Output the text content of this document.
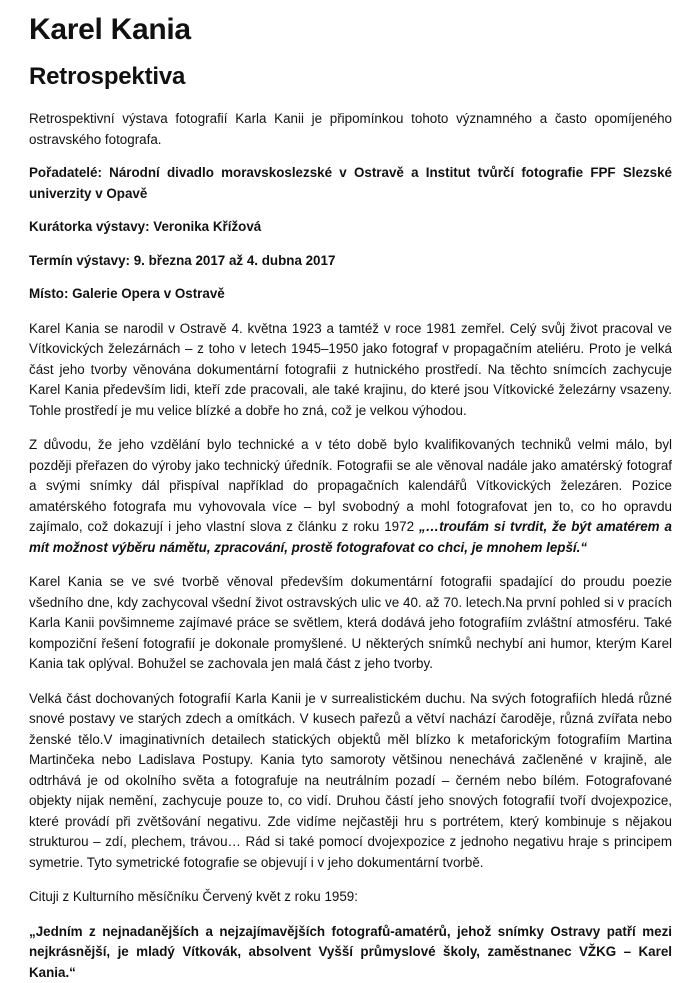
Karel Kania
Retrospektiva

Retrospektivní výstava fotografií Karla Kanii je připomínkou tohoto významného a často opomíjeného ostravského fotografa.

Pořadatelé: Národní divadlo moravskoslezské v Ostravě a Institut tvůrčí fotografie FPF Slezské univerzity v Opavě

Kurátorka výstavy: Veronika Křížová

Termín výstavy: 9. března 2017 až 4. dubna 2017

Místo: Galerie Opera v Ostravě

Karel Kania se narodil v Ostravě 4. května 1923 a tamtéž v roce 1981 zemřel. Celý svůj život pracoval ve Vítkovických železárnách – z toho v letech 1945–1950 jako fotograf v propagačním ateliéru. Proto je velká část jeho tvorby věnována dokumentární fotografii z hutnického prostředí. Na těchto snímcích zachycuje Karel Kania především lidi, kteří zde pracovali, ale také krajinu, do které jsou Vítkovické železárny vsazeny. Tohle prostředí je mu velice blízké a dobře ho zná, což je velkou výhodou.

Z důvodu, že jeho vzdělání bylo technické a v této době bylo kvalifikovaných techniků velmi málo, byl později přeřazen do výroby jako technický úředník. Fotografii se ale věnoval nadále jako amatérský fotograf a svými snímky dál přispíval například do propagačních kalendářů Vítkovických železáren. Pozice amatérského fotografa mu vyhovovala více – byl svobodný a mohl fotografovat jen to, co ho opravdu zajímalo, což dokazují i jeho vlastní slova z článku z roku 1972 „…troufám si tvrdit, že být amatérem a mít možnost výběru námětu, zpracování, prostě fotografovat co chci, je mnohem lepší.“

Karel Kania se ve své tvorbě věnoval především dokumentární fotografii spadající do proudu poezie všedního dne, kdy zachycoval všední život ostravských ulic ve 40. až 70. letech.Na první pohled si v pracích Karla Kanii povšimneme zajímavé práce se světlem, která dodává jeho fotografiím zvláštní atmosféru. Také kompoziční řešení fotografií je dokonale promyšlené. U některých snímků nechybí ani humor, kterým Karel Kania tak oplýval. Bohužel se zachovala jen malá část z jeho tvorby.

Velká část dochovaných fotografií Karla Kanii je v surrealistickém duchu. Na svých fotografiích hledá různé snové postavy ve starých zdech a omítkách. V kusech pařezů a větví nachází čaroděje, různá zvířata nebo ženské tělo.V imaginativních detailech statických objektů měl blízko k metaforickým fotografiím Martina Martinčeka nebo Ladislava Postupy. Kania tyto samoroty většinou nenechává začleněné v krajině, ale odtrhává je od okolního světa a fotografuje na neutrálním pozadí – černém nebo bílém. Fotografované objekty nijak nemění, zachycuje pouze to, co vidí. Druhou částí jeho snových fotografií tvoří dvojexpozice, které provádí při zvětšování negativu. Zde vidíme nejčastěji hru s portrétem, který kombinuje s nějakou strukturou – zdí, plechem, trávou… Rád si také pomocí dvojexpozice z jednoho negativu hraje s principem symetrie. Tyto symetrické fotografie se objevují i v jeho dokumentární tvorbě.

Cituji z Kulturního měsíčníku Červený květ z roku 1959:

„Jedním z nejnadanějších a nejzajímavějších fotografů-amatérů, jehož snímky Ostravy patří mezi nejkrásnější, je mladý Vítkovák, absolvent Vyšší průmyslové školy, zaměstnanec VŽKG – Karel Kania.“
